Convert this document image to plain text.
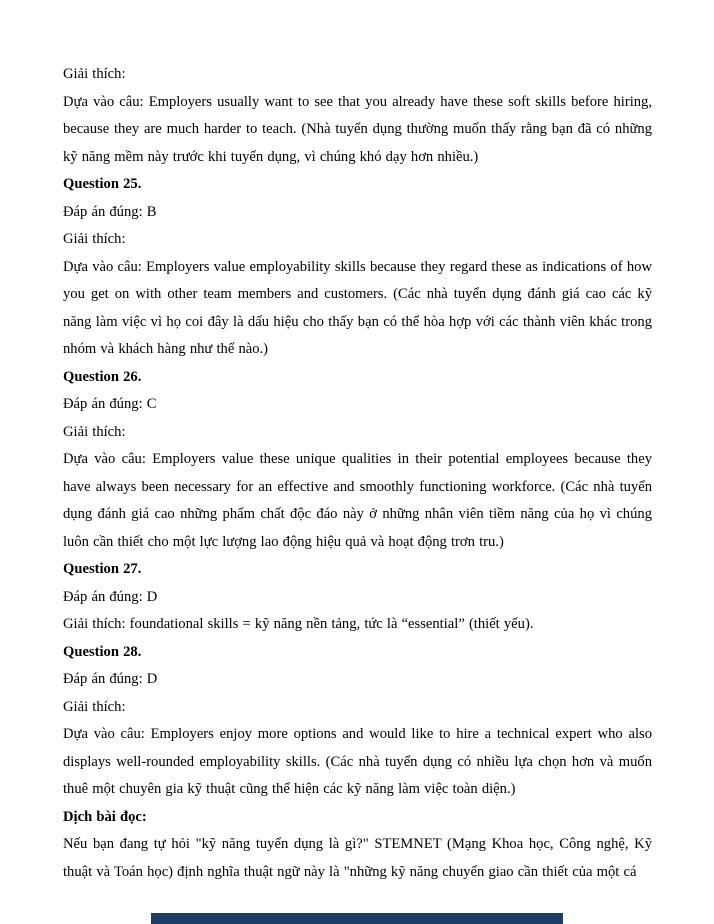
Giải thích:

Dựa vào câu: Employers usually want to see that you already have these soft skills before hiring, because they are much harder to teach. (Nhà tuyển dụng thường muốn thấy rằng bạn đã có những kỹ năng mềm này trước khi tuyển dụng, vì chúng khó dạy hơn nhiều.)

Question 25.

Đáp án đúng: B

Giải thích:

Dựa vào câu: Employers value employability skills because they regard these as indications of how you get on with other team members and customers. (Các nhà tuyển dụng đánh giá cao các kỹ năng làm việc vì họ coi đây là dấu hiệu cho thấy bạn có thể hòa hợp với các thành viên khác trong nhóm và khách hàng như thế nào.)

Question 26.

Đáp án đúng: C

Giải thích:

Dựa vào câu: Employers value these unique qualities in their potential employees because they have always been necessary for an effective and smoothly functioning workforce. (Các nhà tuyển dụng đánh giá cao những phẩm chất độc đáo này ở những nhân viên tiềm năng của họ vì chúng luôn cần thiết cho một lực lượng lao động hiệu quả và hoạt động trơn tru.)

Question 27.

Đáp án đúng: D

Giải thích: foundational skills = kỹ năng nền tảng, tức là “essential” (thiết yếu).

Question 28.

Đáp án đúng: D

Giải thích:

Dựa vào câu: Employers enjoy more options and would like to hire a technical expert who also displays well-rounded employability skills. (Các nhà tuyển dụng có nhiều lựa chọn hơn và muốn thuê một chuyên gia kỹ thuật cũng thể hiện các kỹ năng làm việc toàn diện.)

Dịch bài đọc:

Nếu bạn đang tự hỏi "kỹ năng tuyển dụng là gì?" STEMNET (Mạng Khoa học, Công nghệ, Kỹ thuật và Toán học) định nghĩa thuật ngữ này là "những kỹ năng chuyển giao cần thiết của một cá
